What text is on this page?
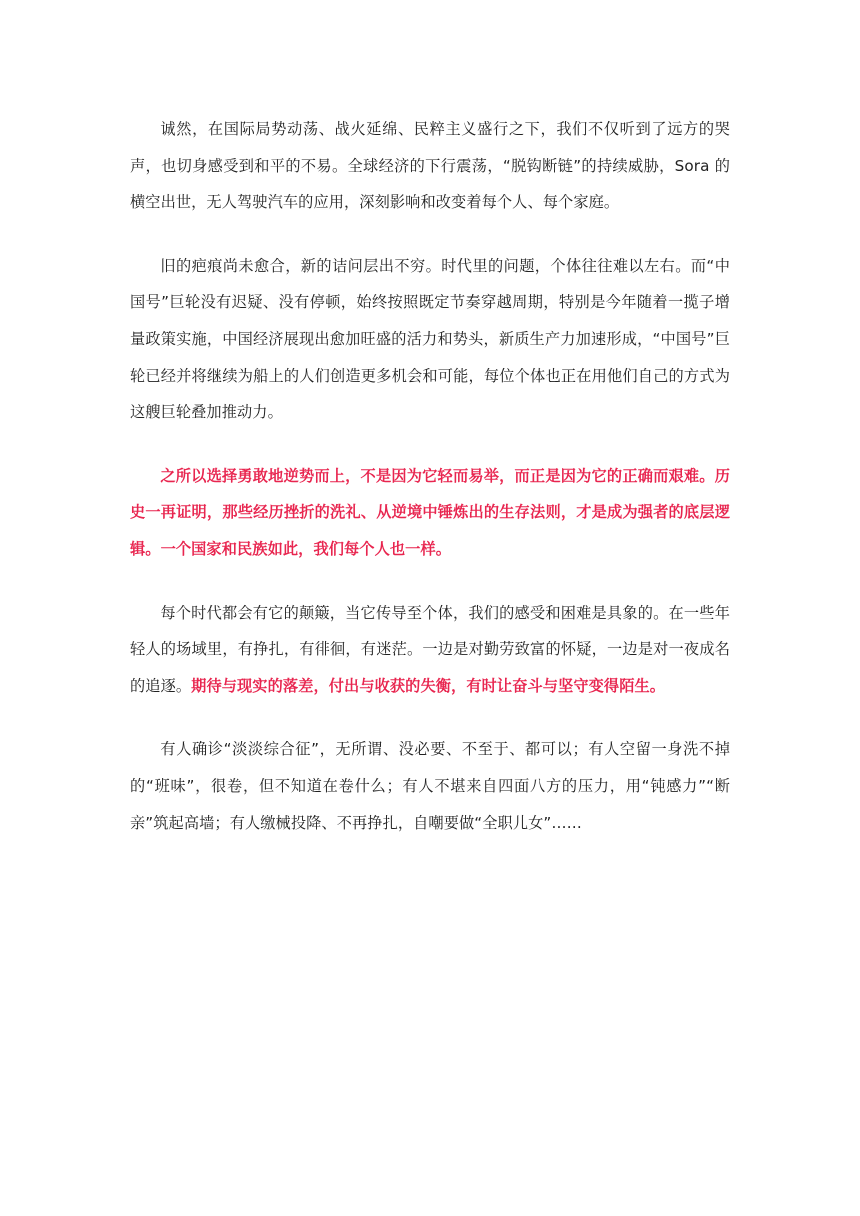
诚然，在国际局势动荡、战火延绵、民粹主义盛行之下，我们不仅听到了远方的哭声，也切身感受到和平的不易。全球经济的下行震荡，“脱钩断链”的持续威胁，Sora 的横空出世，无人驾驶汽车的应用，深刻影响和改变着每个人、每个家庭。

旧的疤痕尚未愈合，新的诘问层出不穷。时代里的问题，个体往往难以左右。而“中国号”巨轮没有迟疑、没有停顿，始终按照既定节奏穿越周期，特别是今年随着一揽子增量政策实施，中国经济展现出愈加旺盛的活力和势头，新质生产力加速形成，“中国号”巨轮已经并将继续为船上的人们创造更多机会和可能，每位个体也正在用他们自己的方式为这艘巨轮叠加推动力。

之所以选择勇敢地逆势而上，不是因为它轻而易举，而正是因为它的正确而艰难。历史一再证明，那些经历挫折的洗礼、从逆境中锤炼出的生存法则，才是成为强者的底层逻辑。一个国家和民族如此，我们每个人也一样。

每个时代都会有它的颠簸，当它传导至个体，我们的感受和困难是具象的。在一些年轻人的场域里，有挣扎，有徘徊，有迷茫。一边是对勤劳致富的怀疑，一边是对一夜成名的追逐。期待与现实的落差，付出与收获的失衡，有时让奋斗与坚守变得陌生。

有人确诊“淡淡综合征”，无所谓、没必要、不至于、都可以；有人空留一身洗不掉的“班味”，很卷，但不知道在卷什么；有人不堪来自四面八方的压力，用“钝感力”“断亲”筑起高墙；有人缴械投降、不再挣扎，自嘲要做“全职儿女”……
